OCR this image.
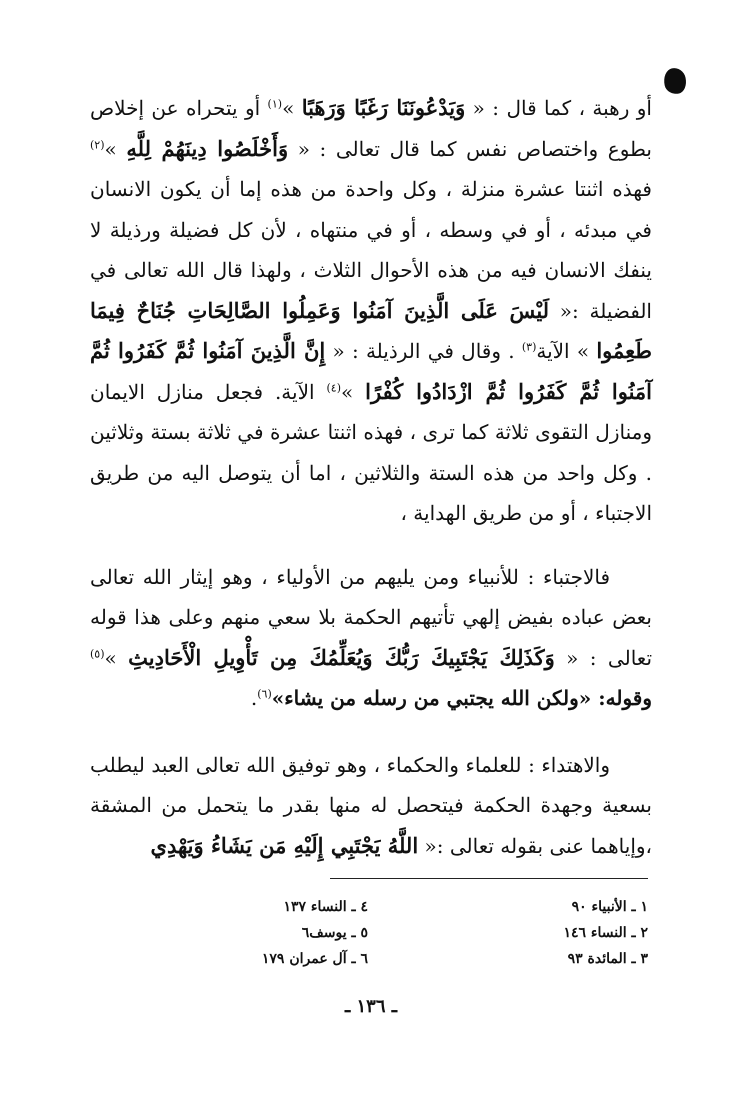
أو رهبة ، كما قال : « وَيَدْعُونَنَا رَغَبًا وَرَهَبًا »$^{(١)}$ أو يتحراه عن إخلاص بطوع واختصاص نفس كما قال تعالى : « وَأَخْلَصُوا دِينَهُمْ لِلَّهِ »$^{(٢)}$ فهذه اثنتا عشرة منزلة ، وكل واحدة من هذه إما أن يكون الانسان في مبدئه ، أو في وسطه ، أو في منتهاه ، لأن كل فضيلة ورذيلة لا ينفك الانسان فيه من هذه الأحوال الثلاث ، ولهذا قال الله تعالى في الفضيلة :« لَيْسَ عَلَى الَّذِينَ آمَنُوا وَعَمِلُوا الصَّالِحَاتِ جُنَاحٌ فِيمَا طَعِمُوا » الآية$^{(٣)}$ . وقال في الرذيلة : « إِنَّ الَّذِينَ آمَنُوا ثُمَّ كَفَرُوا ثُمَّ آمَنُوا ثُمَّ كَفَرُوا ثُمَّ ازْدَادُوا كُفْرًا »$^{(٤)}$ الآية. فجعل منازل الايمان ومنازل التقوى ثلاثة كما ترى ، فهذه اثنتا عشرة في ثلاثة بستة وثلاثين . وكل واحد من هذه الستة والثلاثين ، اما أن يتوصل اليه من طريق الاجتباء ، أو من طريق الهداية ،

فالاجتباء : للأنبياء ومن يليهم من الأولياء ، وهو إيثار الله تعالى بعض عباده بفيض إلهي تأتيهم الحكمة بلا سعي منهم وعلى هذا قوله تعالى : « وَكَذَلِكَ يَجْتَبِيكَ رَبُّكَ وَيُعَلِّمُكَ مِن تَأْوِيلِ الْأَحَادِيثِ »$^{(٥)}$ وقوله: «ولكن الله يجتبي من رسله من يشاء»$^{(٦)}$.

والاهتداء : للعلماء والحكماء ، وهو توفيق الله تعالى العبد ليطلب بسعية وجهدة الحكمة فيتحصل له منها بقدر ما يتحمل من المشقة ،وإياهما عنى بقوله تعالى :« اللَّهُ يَجْتَبِي إِلَيْهِ مَن يَشَاءُ وَيَهْدِي

١ ـ الأنبياء ٩٠
٢ ـ النساء ١٤٦
٣ ـ المائدة ٩٣
٤ ـ النساء ١٣٧
٥ ـ يوسف٦
٦ ـ آل عمران ١٧٩
ـ ١٣٦ ـ
